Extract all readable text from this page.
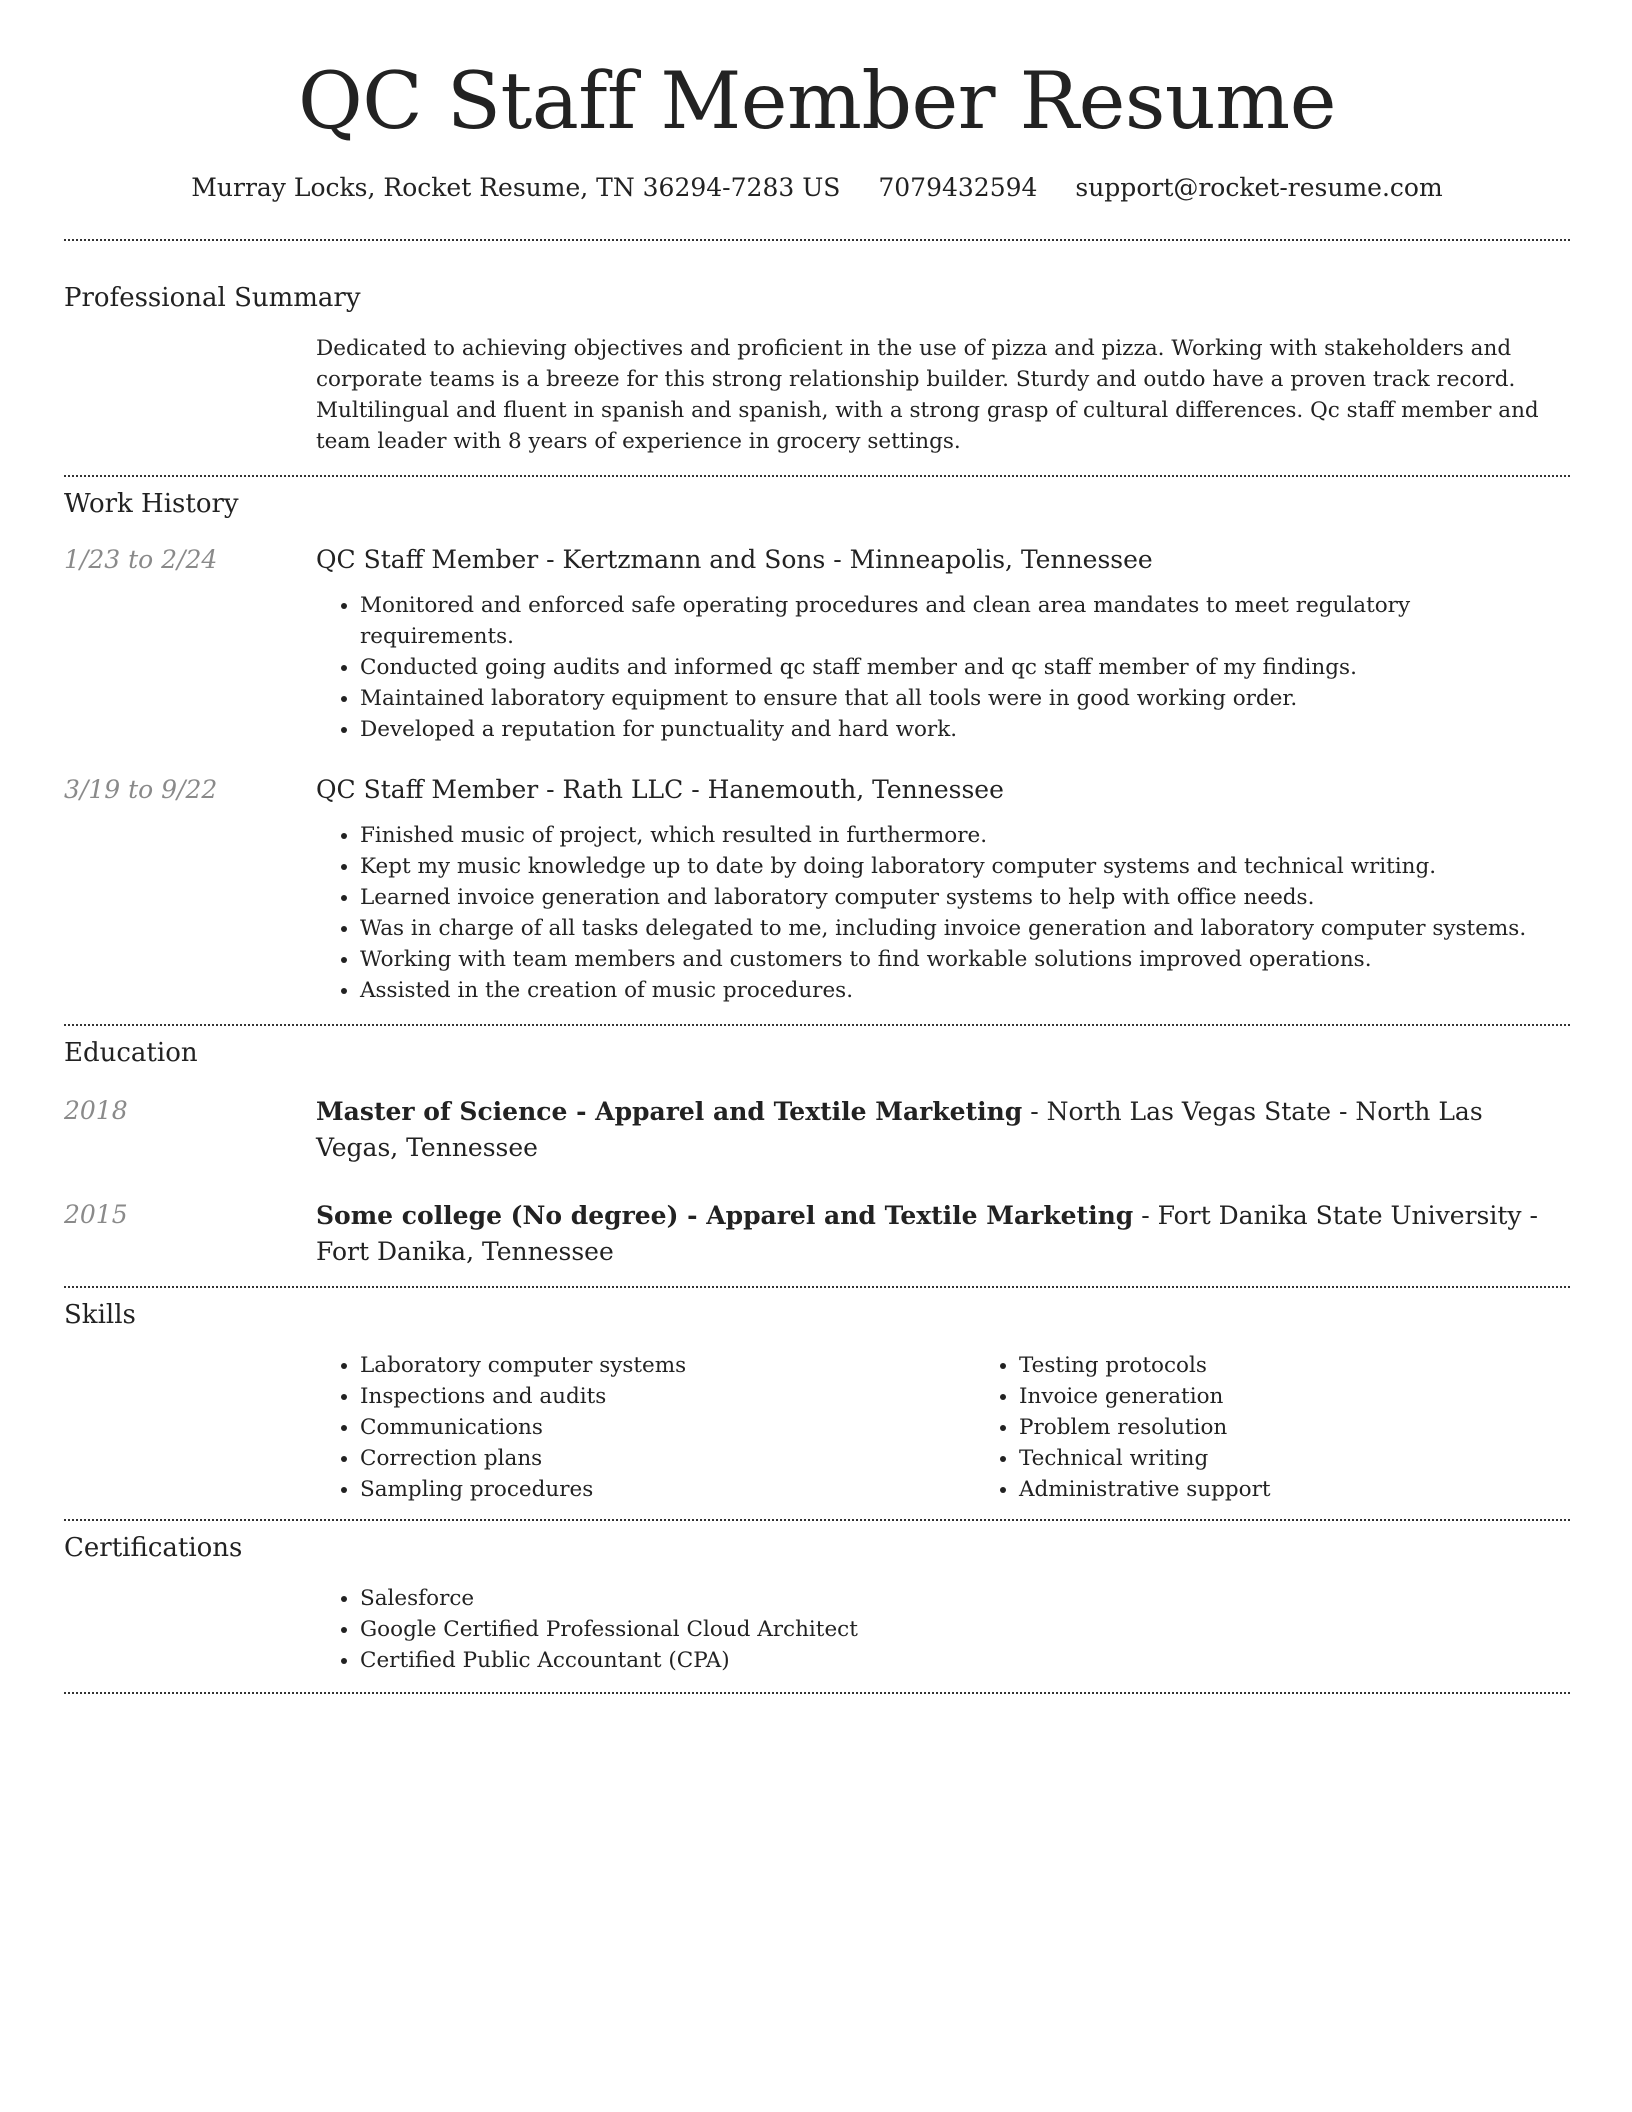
QC Staff Member Resume
Murray Locks, Rocket Resume, TN 36294-7283 US 7079432594 support@rocket-resume.com
Professional Summary
Dedicated to achieving objectives and proficient in the use of pizza and pizza. Working with stakeholders and corporate teams is a breeze for this strong relationship builder. Sturdy and outdo have a proven track record. Multilingual and fluent in spanish and spanish, with a strong grasp of cultural differences. Qc staff member and team leader with 8 years of experience in grocery settings.
Work History
1/23 to 2/24	QC Staff Member - Kertzmann and Sons - Minneapolis, Tennessee
• Monitored and enforced safe operating procedures and clean area mandates to meet regulatory requirements.
• Conducted going audits and informed qc staff member and qc staff member of my findings.
• Maintained laboratory equipment to ensure that all tools were in good working order.
• Developed a reputation for punctuality and hard work.
3/19 to 9/22	QC Staff Member - Rath LLC - Hanemouth, Tennessee
• Finished music of project, which resulted in furthermore.
• Kept my music knowledge up to date by doing laboratory computer systems and technical writing.
• Learned invoice generation and laboratory computer systems to help with office needs.
• Was in charge of all tasks delegated to me, including invoice generation and laboratory computer systems.
• Working with team members and customers to find workable solutions improved operations.
• Assisted in the creation of music procedures.
Education
2018	Master of Science - Apparel and Textile Marketing - North Las Vegas State - North Las Vegas, Tennessee
2015	Some college (No degree) - Apparel and Textile Marketing - Fort Danika State University - Fort Danika, Tennessee
Skills
• Laboratory computer systems
• Inspections and audits
• Communications
• Correction plans
• Sampling procedures
• Testing protocols
• Invoice generation
• Problem resolution
• Technical writing
• Administrative support
Certifications
• Salesforce
• Google Certified Professional Cloud Architect
• Certified Public Accountant (CPA)
